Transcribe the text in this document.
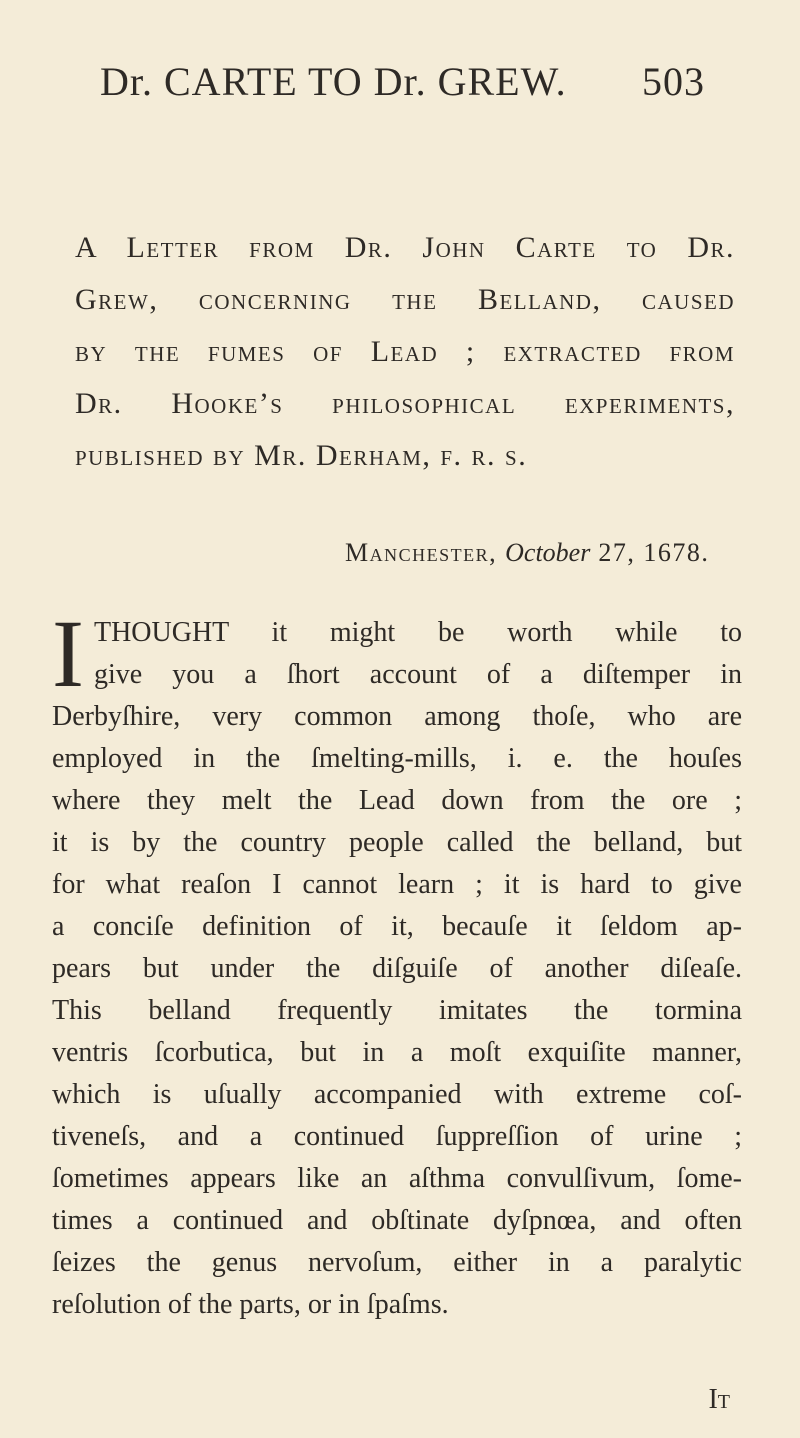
Dr. CARTE TO Dr. GREW. 503
A Letter from Dr. John Carte to Dr.
Grew, concerning the Belland, caused
by the fumes of Lead ; extracted from
Dr. Hooke’s philosophical experiments,
published by Mr. Derham, f. r. s.
Manchester, October 27, 1678.
I THOUGHT it might be worth while to
give you a ſhort account of a diſtemper in
Derbyſhire, very common among thoſe, who are
employed in the ſmelting-mills, i. e. the houſes
where they melt the Lead down from the ore ;
it is by the country people called the belland, but
for what reaſon I cannot learn ; it is hard to give
a conciſe definition of it, becauſe it ſeldom ap-
pears but under the diſguiſe of another diſeaſe.
This belland frequently imitates the tormina
ventris ſcorbutica, but in a moſt exquiſite manner,
which is uſually accompanied with extreme coſ-
tiveneſs, and a continued ſuppreſſion of urine ;
ſometimes appears like an aſthma convulſivum, ſome-
times a continued and obſtinate dyſpnœa, and often
ſeizes the genus nervoſum, either in a paralytic
reſolution of the parts, or in ſpaſms.
It
